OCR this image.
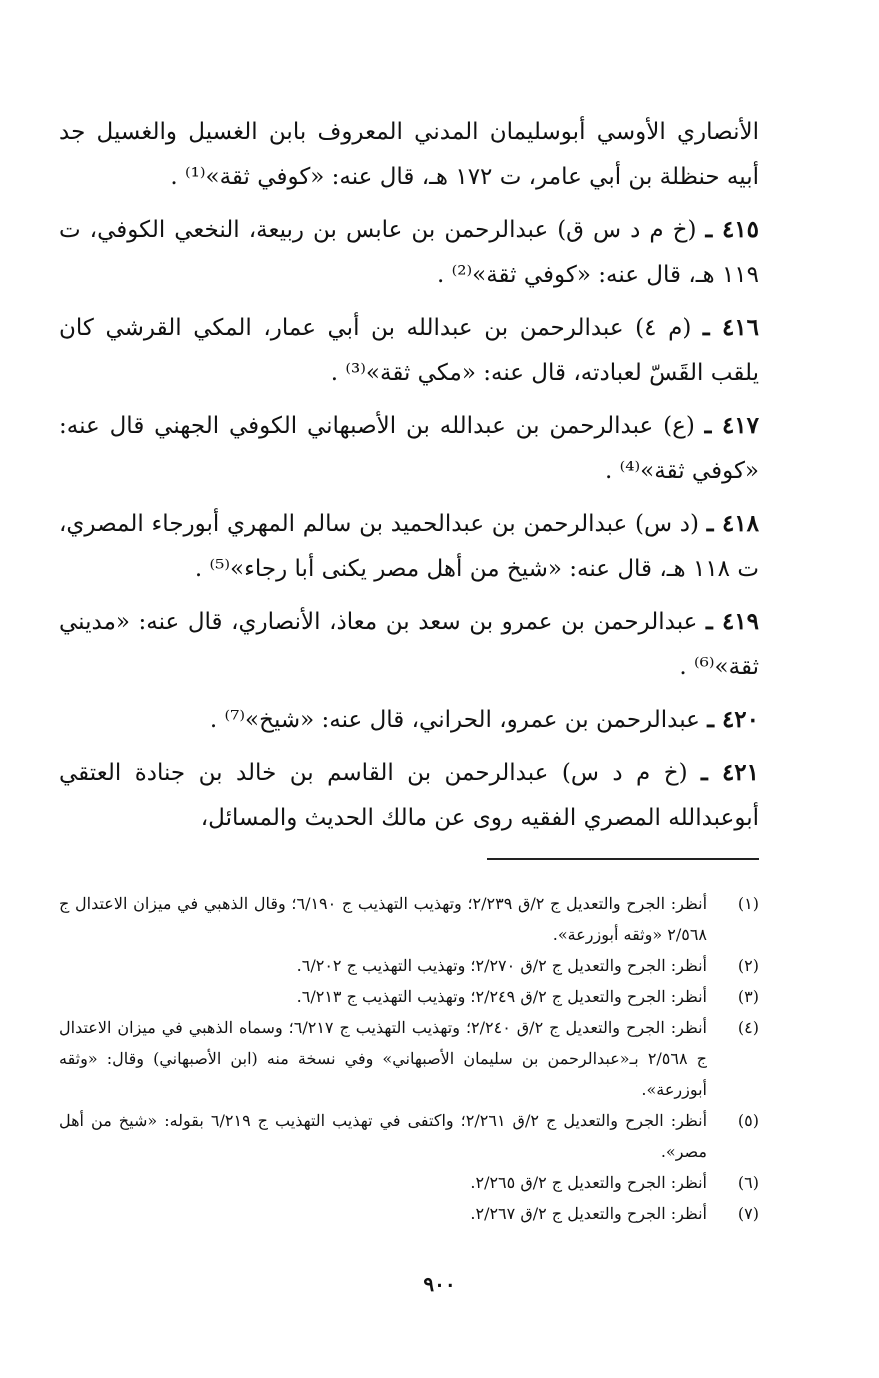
الأنصاري الأوسي أبوسليمان المدني المعروف بابن الغسيل والغسيل جد أبيه حنظلة بن أبي عامر، ت ١٧٢ هـ، قال عنه: «كوفي ثقة»⁽¹⁾ .

٤١٥ ـ (خ م د س ق) عبدالرحمن بن عابس بن ربيعة، النخعي الكوفي، ت ١١٩ هـ، قال عنه: «كوفي ثقة»⁽²⁾ .

٤١٦ ـ (م ٤) عبدالرحمن بن عبدالله بن أبي عمار، المكي القرشي كان يلقب القَسّ لعبادته، قال عنه: «مكي ثقة»⁽³⁾ .

٤١٧ ـ (ع) عبدالرحمن بن عبدالله بن الأصبهاني الكوفي الجهني قال عنه: «كوفي ثقة»⁽⁴⁾ .

٤١٨ ـ (د س) عبدالرحمن بن عبدالحميد بن سالم المهري أبورجاء المصري، ت ١١٨ هـ، قال عنه: «شيخ من أهل مصر يكنى أبا رجاء»⁽⁵⁾ .

٤١٩ ـ عبدالرحمن بن عمرو بن سعد بن معاذ، الأنصاري، قال عنه: «مديني ثقة»⁽⁶⁾ .

٤٢٠ ـ عبدالرحمن بن عمرو، الحراني، قال عنه: «شيخ»⁽⁷⁾ .

٤٢١ ـ (خ م د س) عبدالرحمن بن القاسم بن خالد بن جنادة العتقي أبوعبدالله المصري الفقيه روى عن مالك الحديث والمسائل،

(١)
أنظر: الجرح والتعديل ج ٢/ق ٢/٢٣٩؛ وتهذيب التهذيب ج ٦/١٩٠؛ وقال الذهبي في ميزان الاعتدال ج ٢/٥٦٨ «وثقه أبوزرعة».
(٢)
أنظر: الجرح والتعديل ج ٢/ق ٢/٢٧٠؛ وتهذيب التهذيب ج ٦/٢٠٢.
(٣)
أنظر: الجرح والتعديل ج ٢/ق ٢/٢٤٩؛ وتهذيب التهذيب ج ٦/٢١٣.
(٤)
أنظر: الجرح والتعديل ج ٢/ق ٢/٢٤٠؛ وتهذيب التهذيب ج ٦/٢١٧؛ وسماه الذهبي في ميزان الاعتدال ج ٢/٥٦٨ بـ«عبدالرحمن بن سليمان الأصبهاني» وفي نسخة منه (ابن الأصبهاني) وقال: «وثقه أبوزرعة».
(٥)
أنظر: الجرح والتعديل ج ٢/ق ٢/٢٦١؛ واكتفى في تهذيب التهذيب ج ٦/٢١٩ بقوله: «شيخ من أهل مصر».
(٦)
أنظر: الجرح والتعديل ج ٢/ق ٢/٢٦٥.
(٧)
أنظر: الجرح والتعديل ج ٢/ق ٢/٢٦٧.
٩٠٠
